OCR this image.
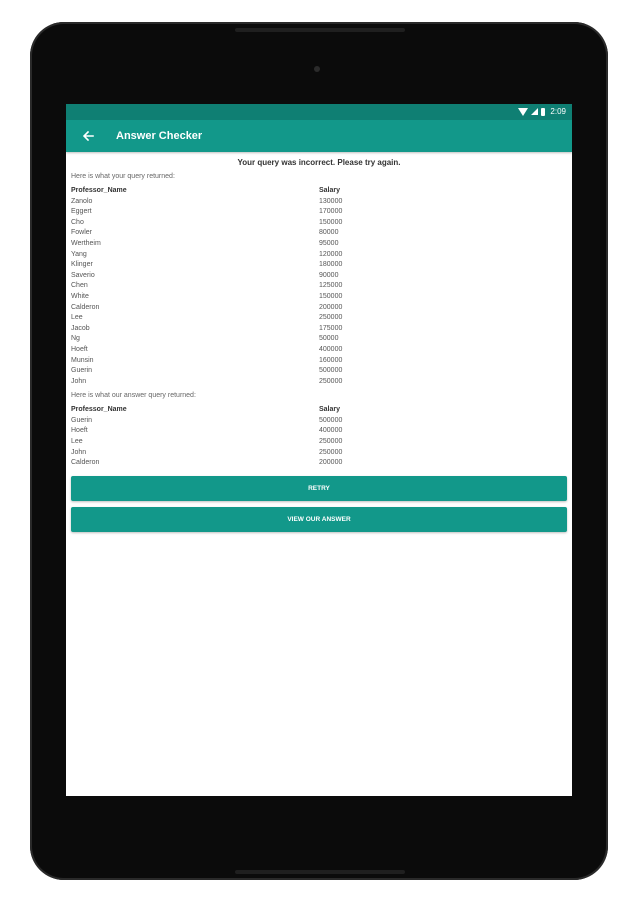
2:09
Answer Checker
Your query was incorrect. Please try again.
Here is what your query returned:
Professor_Name	Salary
Zanolo	130000
Eggert	170000
Cho	150000
Fowler	80000
Wertheim	95000
Yang	120000
Klinger	180000
Saverio	90000
Chen	125000
White	150000
Calderon	200000
Lee	250000
Jacob	175000
Ng	50000
Hoeft	400000
Munsin	160000
Guerin	500000
John	250000
Here is what our answer query returned:
Professor_Name	Salary
Guerin	500000
Hoeft	400000
Lee	250000
John	250000
Calderon	200000
RETRY
VIEW OUR ANSWER
